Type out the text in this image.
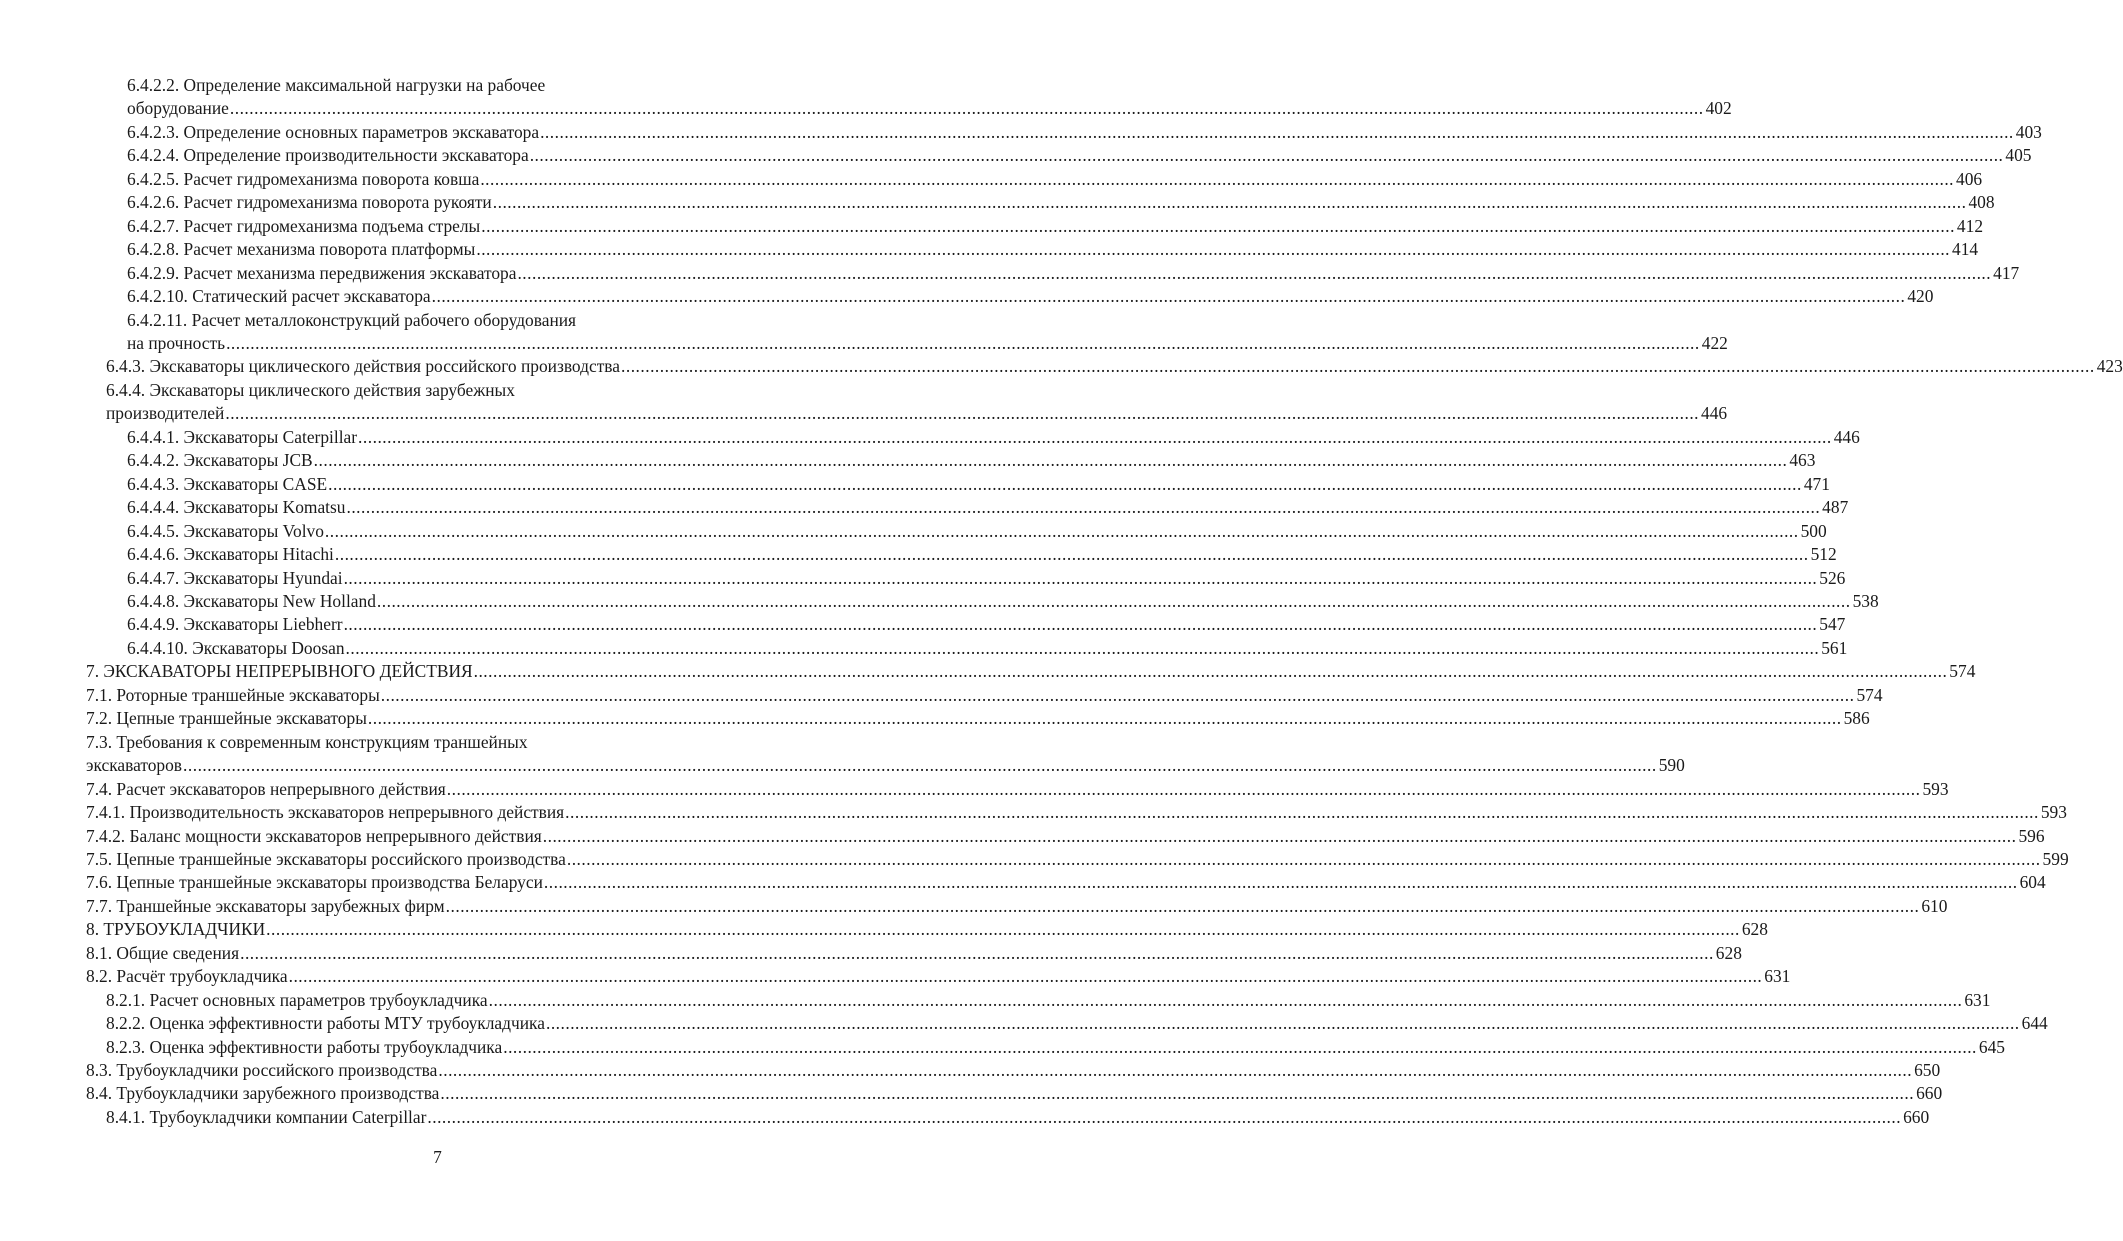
6.4.2.2. Определение максимальной нагрузки на рабочее
оборудование .....	402
6.4.2.3. Определение основных параметров экскаватора .....	403
6.4.2.4. Определение производительности экскаватора .....	405
6.4.2.5. Расчет гидромеханизма поворота ковша .....	406
6.4.2.6. Расчет гидромеханизма поворота рукояти .....	408
6.4.2.7. Расчет гидромеханизма подъема стрелы .....	412
6.4.2.8. Расчет механизма поворота платформы .....	414
6.4.2.9. Расчет механизма передвижения экскаватора .....	417
6.4.2.10. Статический расчет экскаватора .....	420
6.4.2.11. Расчет металлоконструкций рабочего оборудования
на прочность .....	422
6.4.3. Экскаваторы циклического действия российского производства .....	423
6.4.4. Экскаваторы циклического действия зарубежных
производителей .....	446
6.4.4.1. Экскаваторы Caterpillar .....	446
6.4.4.2. Экскаваторы JCB .....	463
6.4.4.3. Экскаваторы CASE .....	471
6.4.4.4. Экскаваторы Komatsu .....	487
6.4.4.5. Экскаваторы Volvo .....	500
6.4.4.6. Экскаваторы Hitachi .....	512
6.4.4.7. Экскаваторы Hyundai .....	526
6.4.4.8. Экскаваторы New Holland .....	538
6.4.4.9. Экскаваторы Liebherr .....	547
6.4.4.10. Экскаваторы Doosan .....	561
7. ЭКСКАВАТОРЫ НЕПРЕРЫВНОГО ДЕЙСТВИЯ .....	574
7.1. Роторные траншейные экскаваторы .....	574
7.2. Цепные траншейные экскаваторы .....	586
7.3. Требования к современным конструкциям траншейных
экскаваторов .....	590
7.4. Расчет экскаваторов непрерывного действия .....	593
7.4.1. Производительность экскаваторов непрерывного действия .....	593
7.4.2. Баланс мощности экскаваторов непрерывного действия .....	596
7.5. Цепные траншейные экскаваторы российского производства .....	599
7.6. Цепные траншейные экскаваторы производства Беларуси .....	604
7.7. Траншейные экскаваторы зарубежных фирм .....	610
8. ТРУБОУКЛАДЧИКИ .....	628
8.1. Общие сведения .....	628
8.2. Расчёт трубоукладчика .....	631
8.2.1. Расчет основных параметров трубоукладчика .....	631
8.2.2. Оценка эффективности работы МТУ трубоукладчика .....	644
8.2.3. Оценка эффективности работы трубоукладчика .....	645
8.3. Трубоукладчики российского производства .....	650
8.4. Трубоукладчики зарубежного производства .....	660
8.4.1. Трубоукладчики компании Caterpillar .....	660
7
